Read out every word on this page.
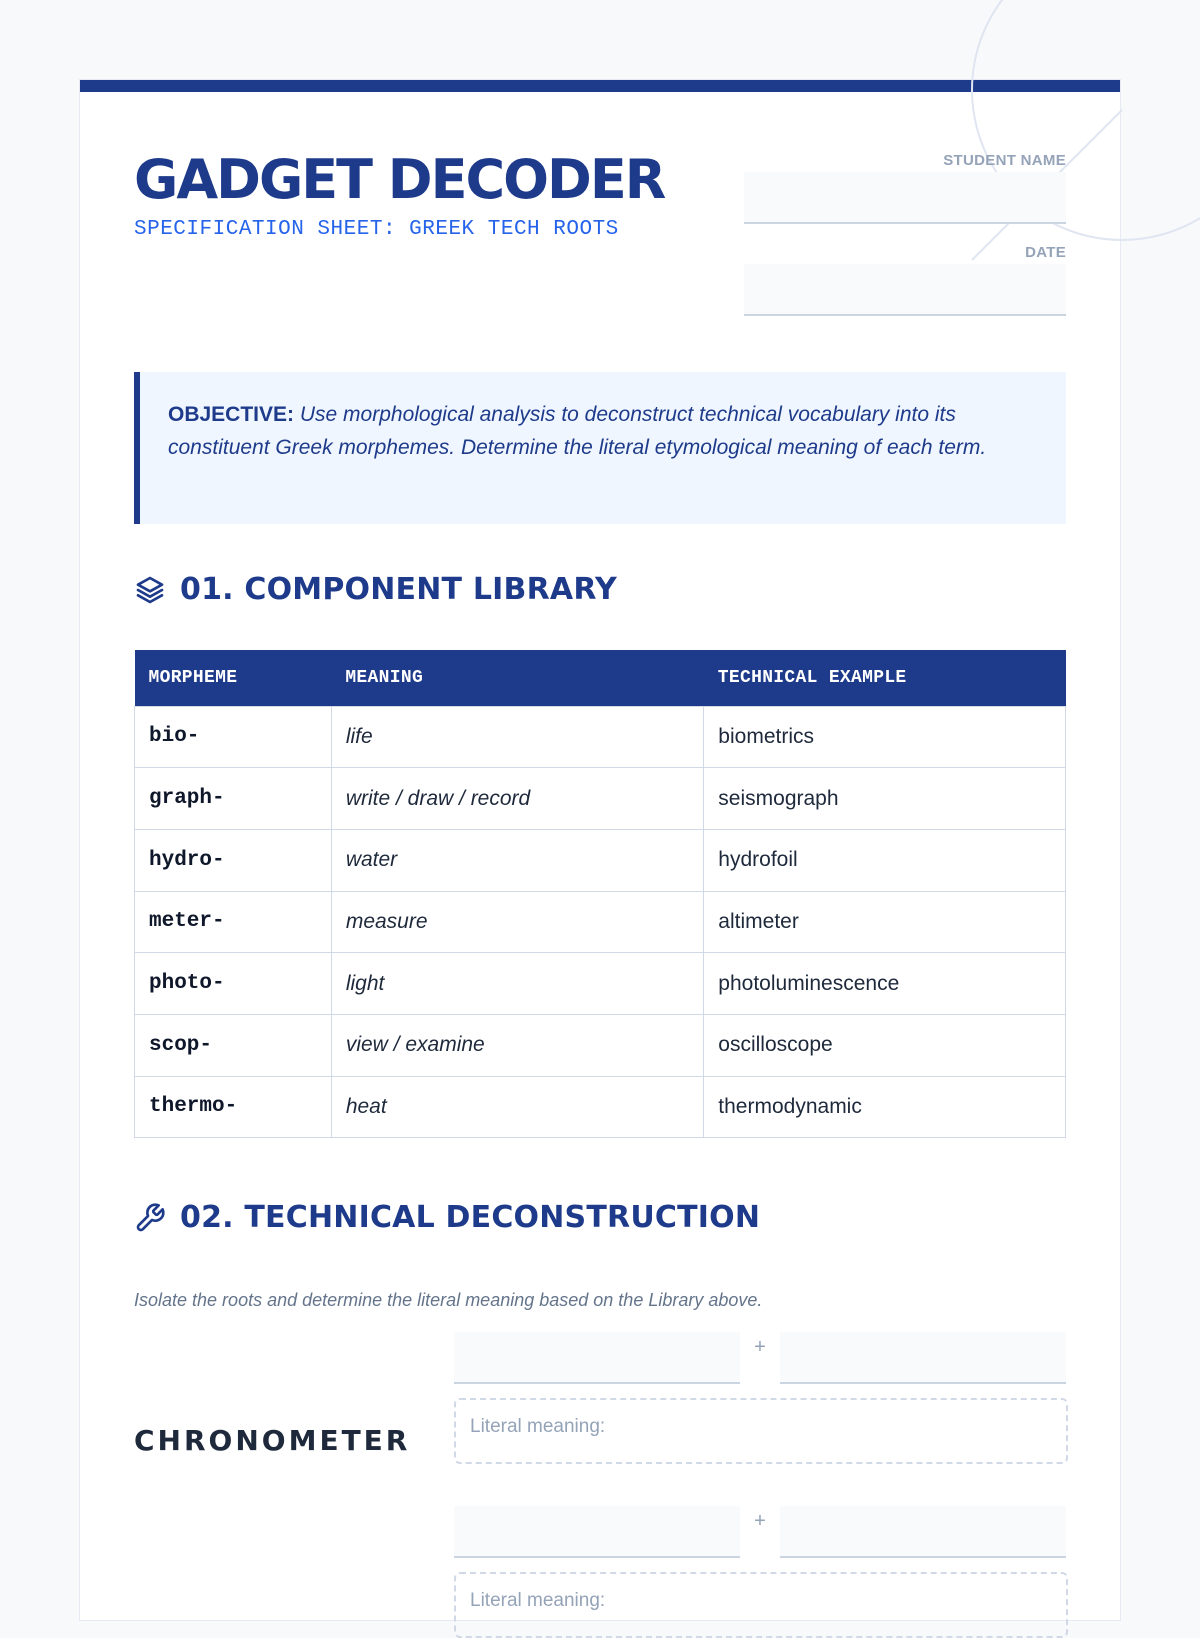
GADGET DECODER
SPECIFICATION SHEET: GREEK TECH ROOTS
STUDENT NAME
DATE
OBJECTIVE: Use morphological analysis to deconstruct technical vocabulary into its constituent Greek morphemes. Determine the literal etymological meaning of each term.
01. COMPONENT LIBRARY
MORPHEME	MEANING	TECHNICAL EXAMPLE
bio-	life	biometrics
graph-	write / draw / record	seismograph
hydro-	water	hydrofoil
meter-	measure	altimeter
photo-	light	photoluminescence
scop-	view / examine	oscilloscope
thermo-	heat	thermodynamic
02. TECHNICAL DECONSTRUCTION
Isolate the roots and determine the literal meaning based on the Library above.
CHRONOMETER
+
Literal meaning:
+
Literal meaning:
